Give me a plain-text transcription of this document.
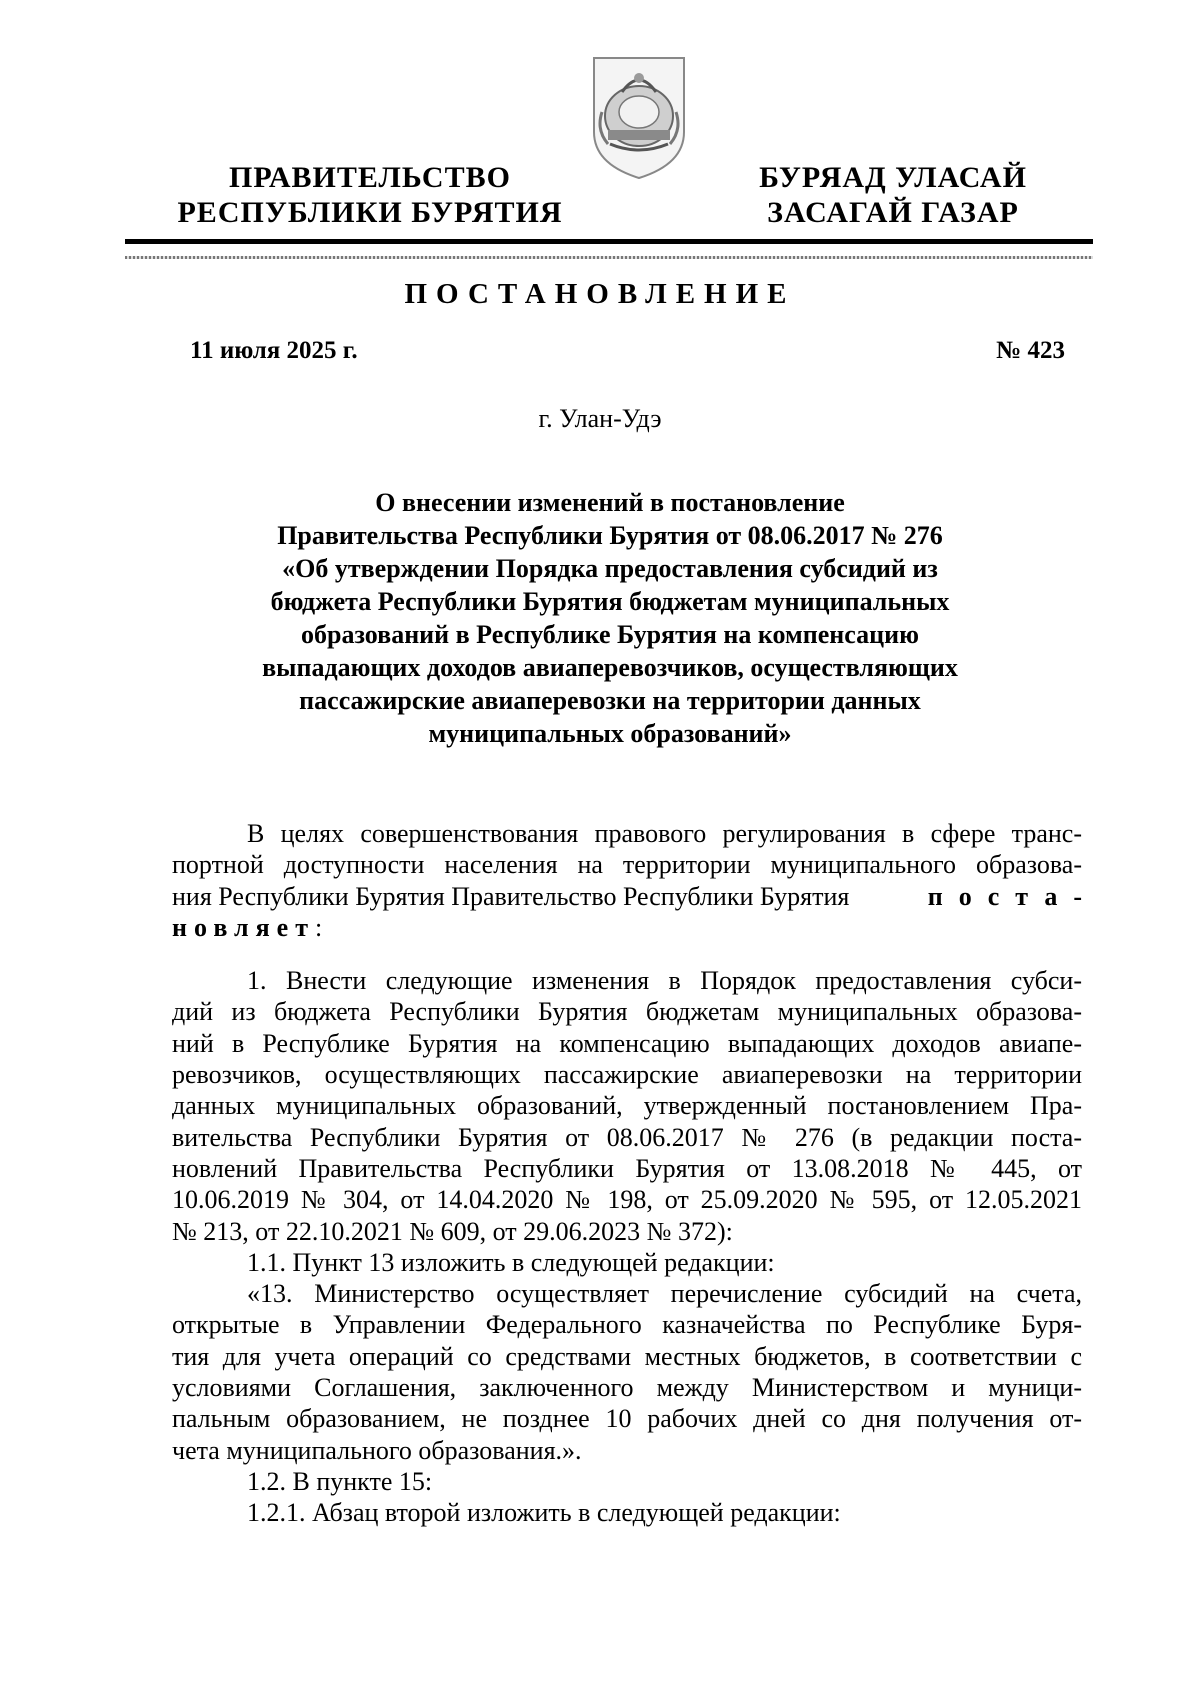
ПРАВИТЕЛЬСТВО
РЕСПУБЛИКИ БУРЯТИЯ
БУРЯАД УЛАСАЙ
ЗАСАГАЙ ГАЗАР
ПОСТАНОВЛЕНИЕ
11 июля 2025 г.	№ 423
г. Улан-Удэ
О внесении изменений в постановление
Правительства Республики Бурятия от 08.06.2017 № 276
«Об утверждении Порядка предоставления субсидий из
бюджета Республики Бурятия бюджетам муниципальных
образований в Республике Бурятия на компенсацию
выпадающих доходов авиаперевозчиков, осуществляющих
пассажирские авиаперевозки на территории данных
муниципальных образований»
В целях совершенствования правового регулирования в сфере транс-
портной доступности населения на территории муниципального образова-
ния Республики Бурятия Правительство Республики Бурятия	поста-
новляет:
1. Внести следующие изменения в Порядок предоставления субси-
дий из бюджета Республики Бурятия бюджетам муниципальных образова-
ний в Республике Бурятия на компенсацию выпадающих доходов авиапе-
ревозчиков, осуществляющих пассажирские авиаперевозки на территории
данных муниципальных образований, утвержденный постановлением Пра-
вительства Республики Бурятия от 08.06.2017 № 276 (в редакции поста-
новлений Правительства Республики Бурятия от 13.08.2018 № 445, от
10.06.2019 № 304, от 14.04.2020 № 198, от 25.09.2020 № 595, от 12.05.2021
№ 213, от 22.10.2021 № 609, от 29.06.2023 № 372):
1.1. Пункт 13 изложить в следующей редакции:
«13. Министерство осуществляет перечисление субсидий на счета,
открытые в Управлении Федерального казначейства по Республике Буря-
тия для учета операций со средствами местных бюджетов, в соответствии с
условиями Соглашения, заключенного между Министерством и муници-
пальным образованием, не позднее 10 рабочих дней со дня получения от-
чета муниципального образования.».
1.2. В пункте 15:
1.2.1. Абзац второй изложить в следующей редакции:
